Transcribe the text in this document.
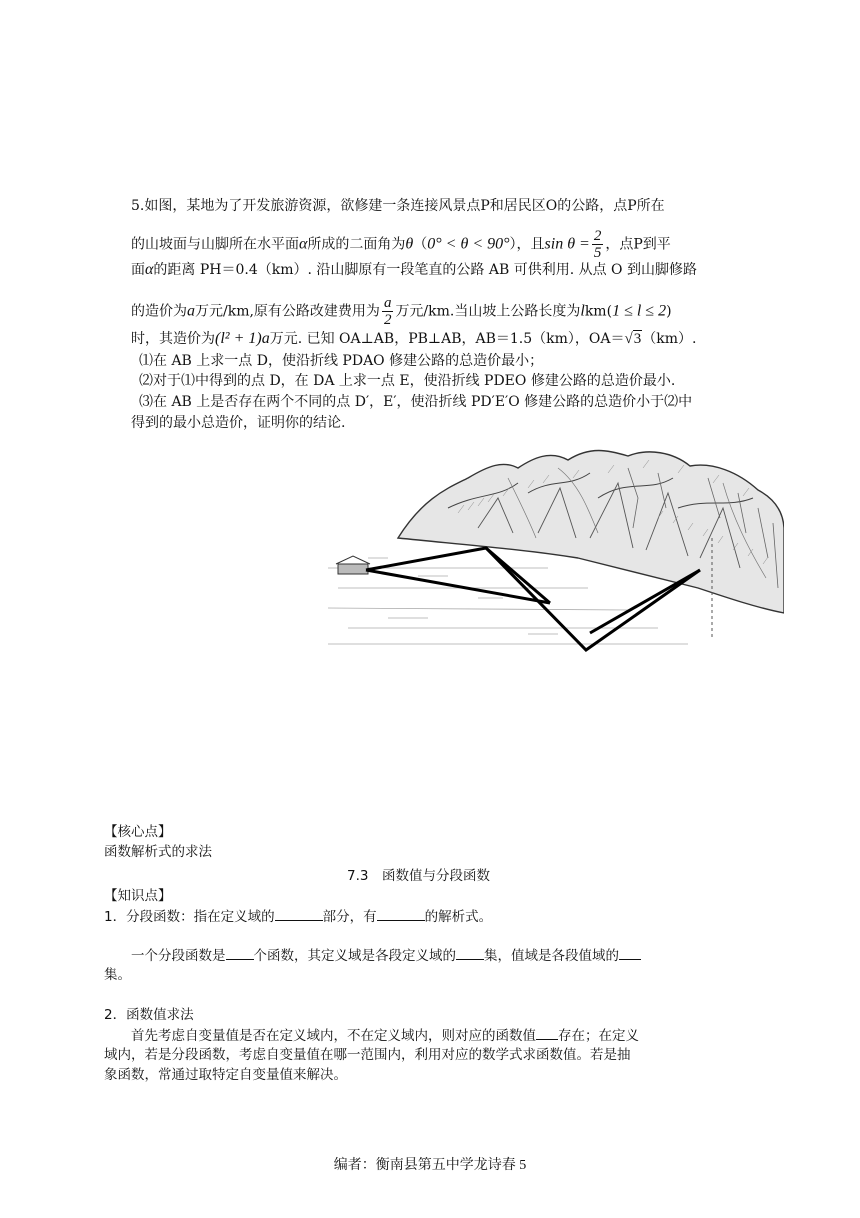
5.如图，某地为了开发旅游资源，欲修建一条连接风景点P和居民区O的公路，点P所在
的山坡面与山脚所在水平面α所成的二面角为θ（0° < θ < 90°），且$\sin \theta = \frac{2}{5}$ ，点P到平
面α的距离 PH＝0.4（km）. 沿山脚原有一段笔直的公路 AB 可供利用. 从点 O 到山脚修路
的造价为a万元/km,原有公路改建费用为 $\frac{a}{2}$ 万元/km.当山坡上公路长度为lkm(1 ≤ l ≤ 2)
时，其造价为(l² + 1)a万元. 已知 OA⊥AB，PB⊥AB，AB＝1.5（km），OA＝√3（km）.
⑴在 AB 上求一点 D，使沿折线 PDAO 修建公路的总造价最小；
⑵对于⑴中得到的点 D，在 DA 上求一点 E，使沿折线 PDEO 修建公路的总造价最小.
⑶在 AB 上是否存在两个不同的点 D′，E′，使沿折线 PD′E′O 修建公路的总造价小于⑵中
得到的最小总造价，证明你的结论.
【核心点】
函数解析式的求法
7.3　函数值与分段函数
【知识点】
1．分段函数：指在定义域的	部分，有	的解析式。
一个分段函数是 个函数，其定义域是各段定义域的 集，值域是各段值域的
集。
2．函数值求法
首先考虑自变量值是否在定义域内，不在定义域内，则对应的函数值 存在；在定义
域内，若是分段函数，考虑自变量值在哪一范围内，利用对应的数学式求函数值。若是抽
象函数，常通过取特定自变量值来解决。
编者：衡南县第五中学龙诗春 5
